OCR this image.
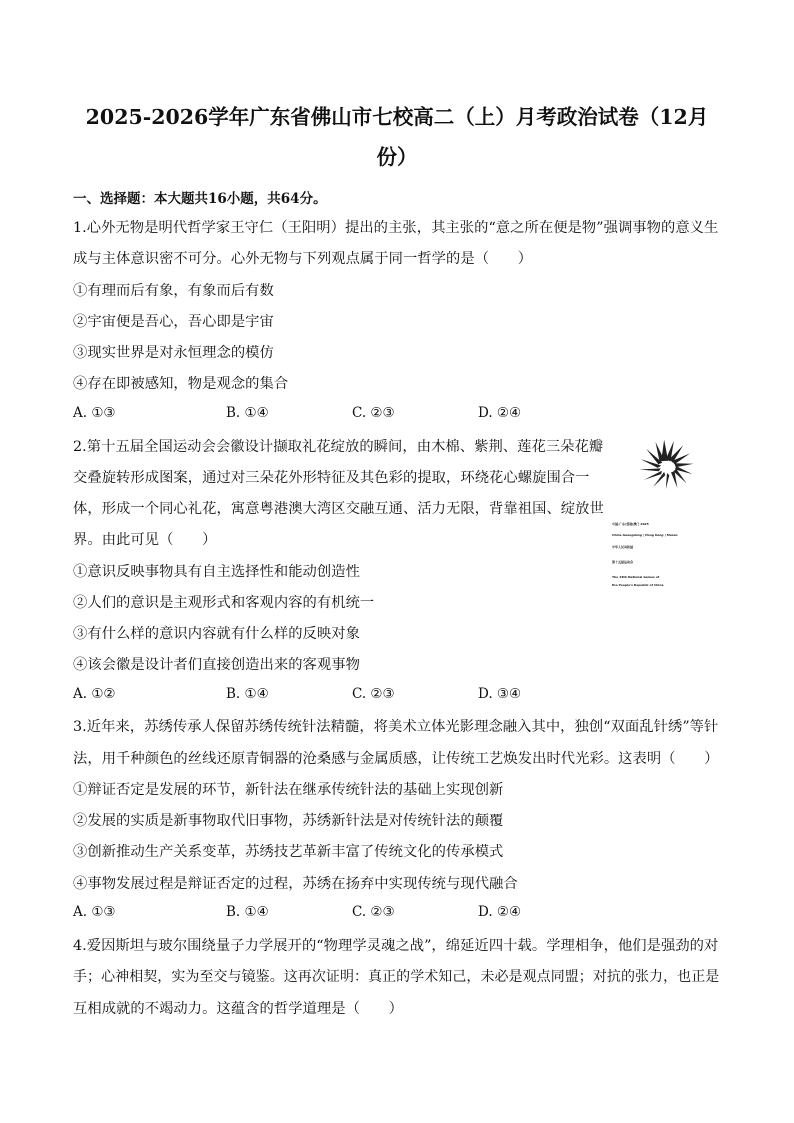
2025-2026学年广东省佛山市七校高二（上）月考政治试卷（12月
份）
一、选择题：本大题共16小题，共64分。
1.心外无物是明代哲学家王守仁（王阳明）提出的主张，其主张的“意之所在便是物”强调事物的意义生
成与主体意识密不可分。心外无物与下列观点属于同一哲学的是（　　）
①有理而后有象，有象而后有数
②宇宙便是吾心，吾心即是宇宙
③现实世界是对永恒理念的模仿
④存在即被感知，物是观念的集合
A. ①③	B. ①④	C. ②③	D. ②④
2.第十五届全国运动会会徽设计撷取礼花绽放的瞬间，由木棉、紫荆、莲花三朵花瓣
交叠旋转形成图案，通过对三朵花外形特征及其色彩的提取，环绕花心螺旋围合一
体，形成一个同心礼花，寓意粤港澳大湾区交融互通、活力无限，背靠祖国、绽放世
界。由此可见（　　）
①意识反映事物具有自主选择性和能动创造性
②人们的意识是主观形式和客观内容的有机统一
③有什么样的意识内容就有什么样的反映对象
④该会徽是设计者们直接创造出来的客观事物
A. ①②	B. ①④	C. ②③	D. ③④
中国·广东|香港|澳门 2025
China Guangdong | Hong Kong | Macao
中华人民共和国
第十五届运动会
The 15th National Games of
the People's Republic of China
3.近年来，苏绣传承人保留苏绣传统针法精髓，将美术立体光影理念融入其中，独创“双面乱针绣”等针
法，用千种颜色的丝线还原青铜器的沧桑感与金属质感，让传统工艺焕发出时代光彩。这表明（　　）
①辩证否定是发展的环节，新针法在继承传统针法的基础上实现创新
②发展的实质是新事物取代旧事物，苏绣新针法是对传统针法的颠覆
③创新推动生产关系变革，苏绣技艺革新丰富了传统文化的传承模式
④事物发展过程是辩证否定的过程，苏绣在扬弃中实现传统与现代融合
A. ①③	B. ①④	C. ②③	D. ②④
4.爱因斯坦与玻尔围绕量子力学展开的“物理学灵魂之战”，绵延近四十载。学理相争，他们是强劲的对
手；心神相契，实为至交与镜鉴。这再次证明：真正的学术知己，未必是观点同盟；对抗的张力，也正是
互相成就的不竭动力。这蕴含的哲学道理是（　　）
